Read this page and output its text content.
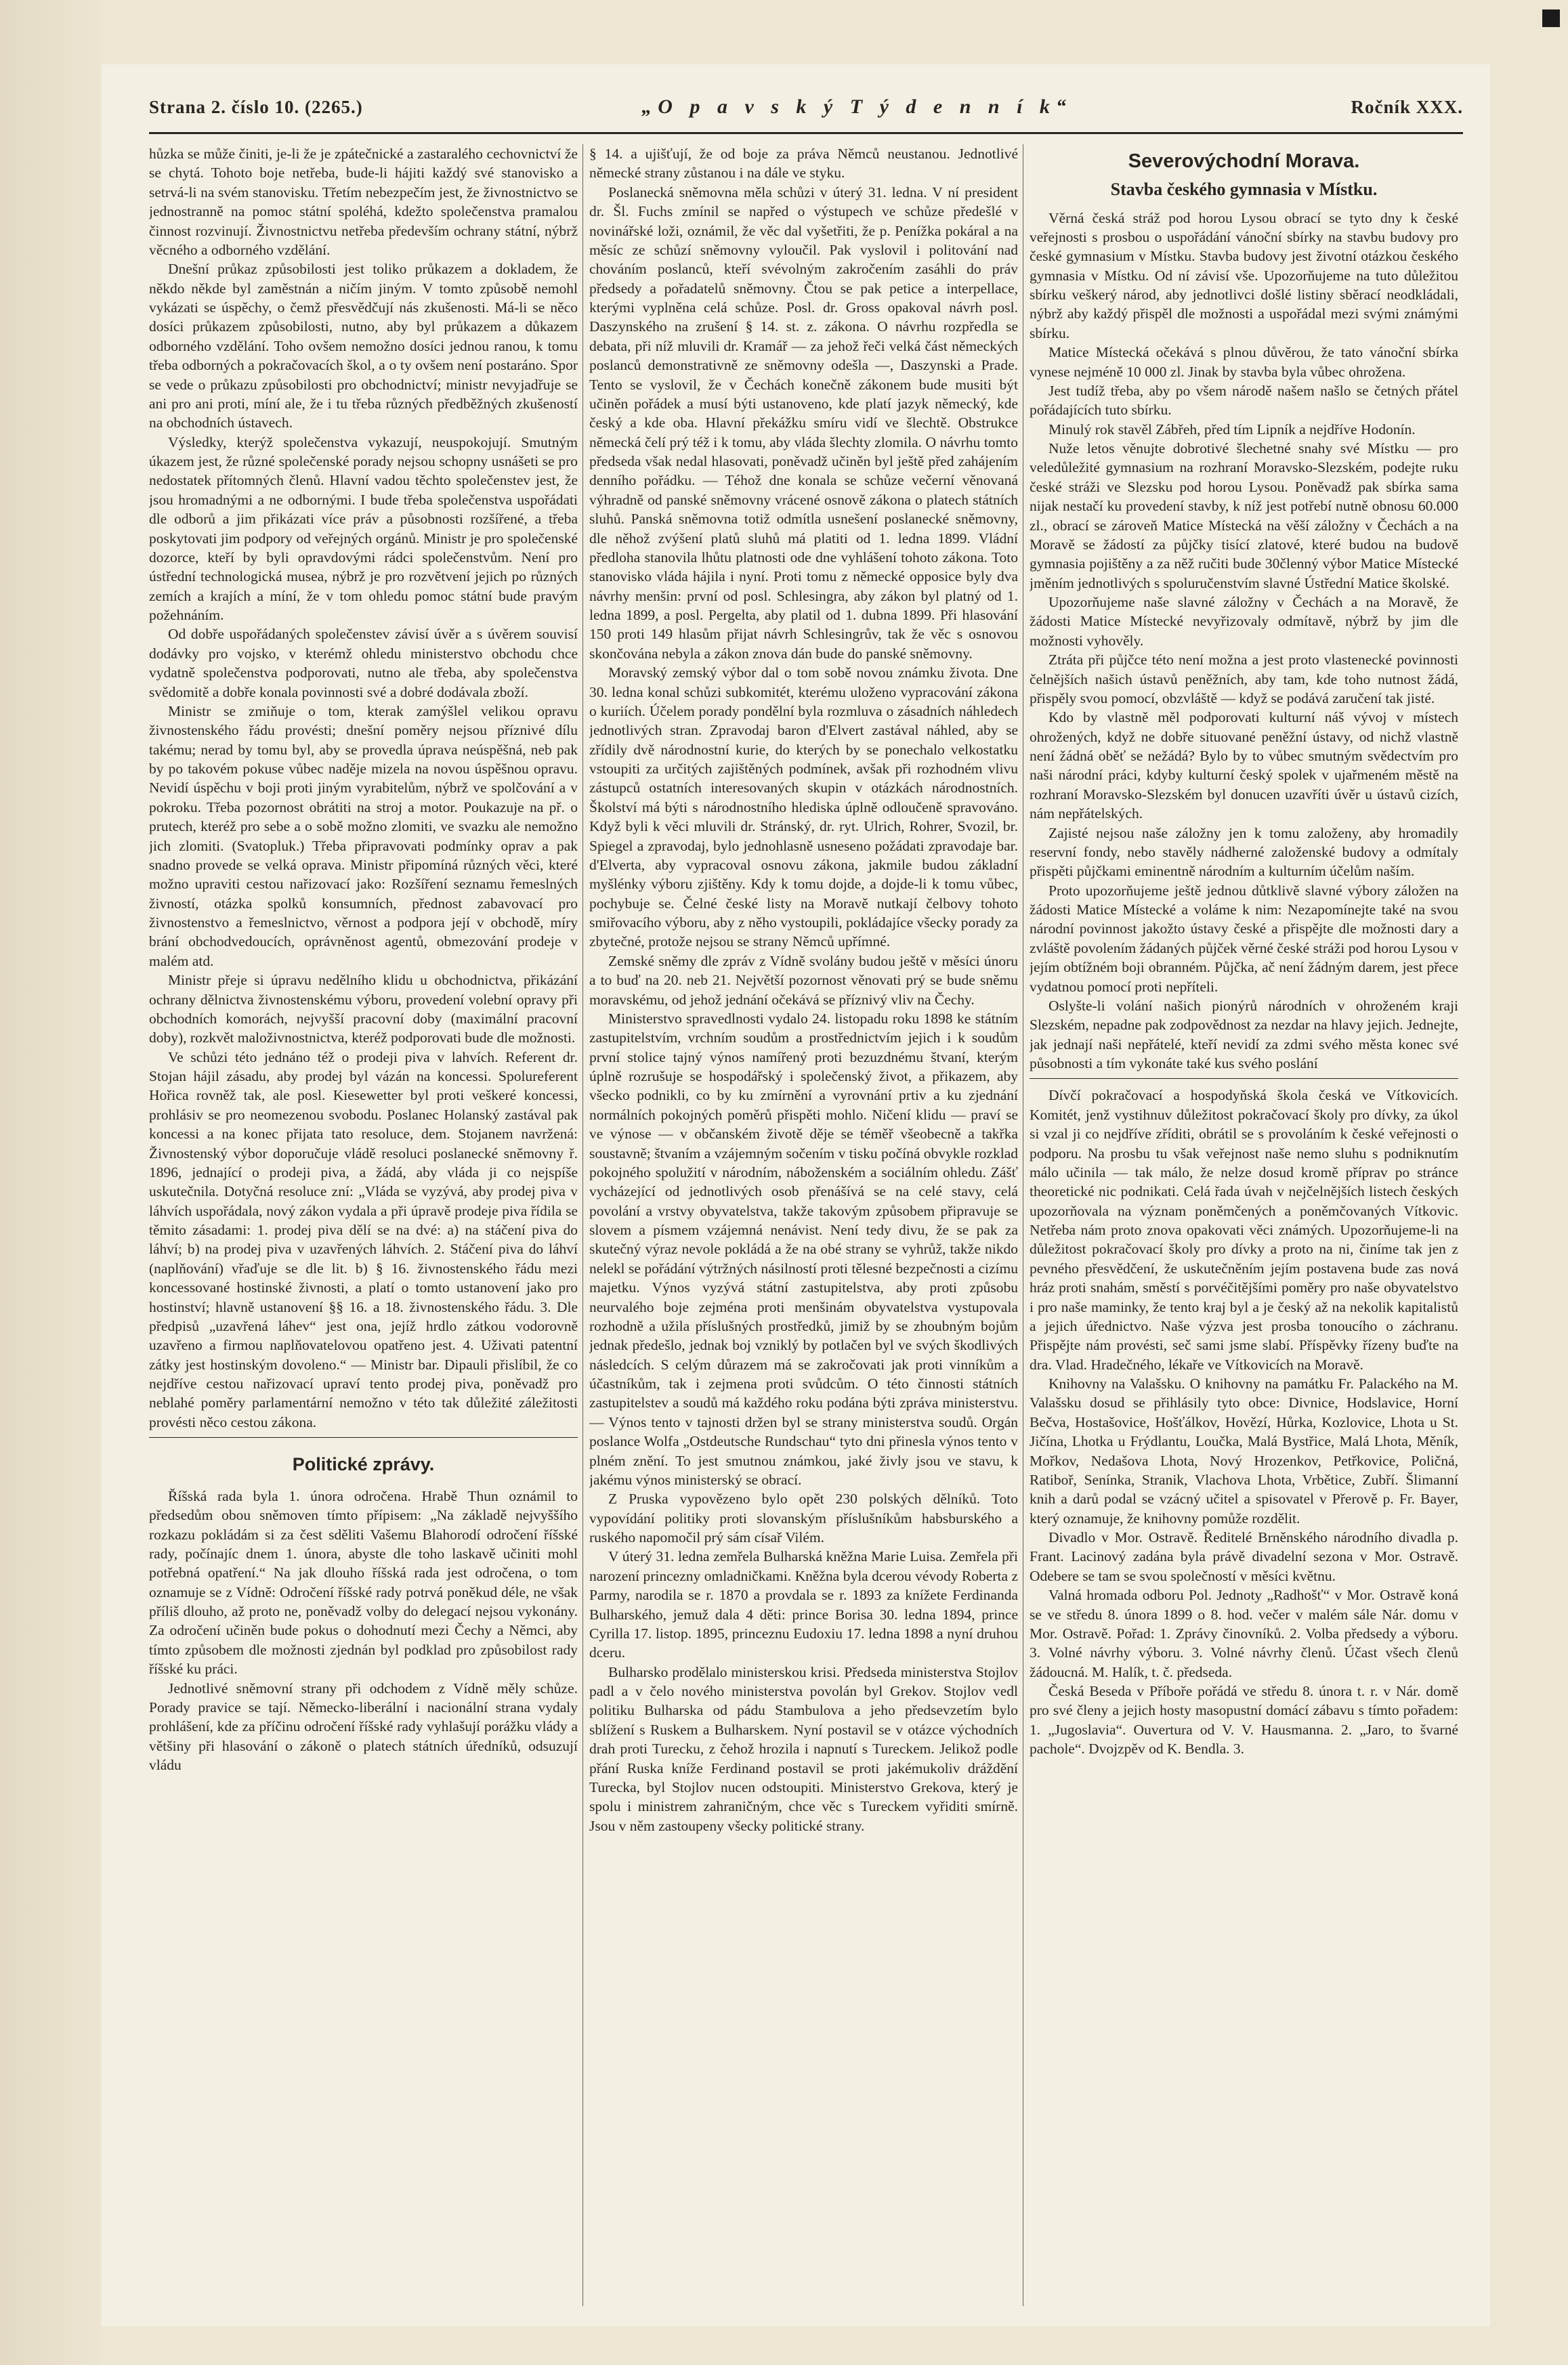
Strana 2. číslo 10. (2265.)	„O p a v s k ý T ý d e n n í k“	Ročník XXX.

hůzka se může činiti, je-li že je zpátečnické a zastaralého cechovnictví že se chytá. Tohoto boje netřeba, bude-li hájiti každý své stanovisko a setrvá-li na svém stanovisku. Třetím nebezpečím jest, že živnostnictvo se jednostranně na pomoc státní spoléhá, kdežto společenstva pramalou činnost rozvinují. Živnostnictvu netřeba především ochrany státní, nýbrž věcného a odborného vzdělání.

Dnešní průkaz způsobilosti jest toliko průkazem a dokladem, že někdo někde byl zaměstnán a ničím jiným. V tomto způsobě nemohl vykázati se úspěchy, o čemž přesvědčují nás zkušenosti. Má-li se něco dosíci průkazem způsobilosti, nutno, aby byl průkazem a důkazem odborného vzdělání. Toho ovšem nemožno dosíci jednou ranou, k tomu třeba odborných a pokračovacích škol, a o ty ovšem není postaráno. Spor se vede o průkazu způsobilosti pro obchodnictví; ministr nevyjadřuje se ani pro ani proti, míní ale, že i tu třeba různých předběžných zkušeností na obchodních ústavech.

Výsledky, kterýž společenstva vykazují, neuspokojují. Smutným úkazem jest, že různé společenské porady nejsou schopny usnášeti se pro nedostatek přítomných členů. Hlavní vadou těchto společenstev jest, že jsou hromadnými a ne odbornými. I bude třeba společenstva uspořádati dle odborů a jim přikázati více práv a působnosti rozšířené, a třeba poskytovati jim podpory od veřejných orgánů. Ministr je pro společenské dozorce, kteří by byli opravdovými rádci společenstvům. Není pro ústřední technologická musea, nýbrž je pro rozvětvení jejich po různých zemích a krajích a míní, že v tom ohledu pomoc státní bude pravým požehnáním.

Od dobře uspořádaných společenstev závisí úvěr a s úvěrem souvisí dodávky pro vojsko, v kterémž ohledu ministerstvo obchodu chce vydatně společenstva podporovati, nutno ale třeba, aby společenstva svědomitě a dobře konala povinnosti své a dobré dodávala zboží.

Ministr se zmiňuje o tom, kterak zamýšlel velikou opravu živnostenského řádu provésti; dnešní poměry nejsou příznivé dílu takému; nerad by tomu byl, aby se provedla úprava neúspěšná, neb pak by po takovém pokuse vůbec naděje mizela na novou úspěšnou opravu. Nevidí úspěchu v boji proti jiným vyrabitelům, nýbrž ve spolčování a v pokroku. Třeba pozornost obrátiti na stroj a motor. Poukazuje na př. o prutech, kteréž pro sebe a o sobě možno zlomiti, ve svazku ale nemožno jich zlomiti. (Svatopluk.) Třeba připravovati podmínky oprav a pak snadno provede se velká oprava. Ministr připomíná různých věci, které možno upraviti cestou nařizovací jako: Rozšíření seznamu řemeslných živností, otázka spolků konsumních, přednost zabavovací pro živnostenstvo a řemeslnictvo, věrnost a podpora její v obchodě, míry brání obchodvedoucích, oprávněnost agentů, obmezování prodeje v malém atd.

Ministr přeje si úpravu nedělního klidu u obchodnictva, přikázání ochrany dělnictva živnostenskému výboru, provedení volební opravy při obchodních komorách, nejvyšší pracovní doby (maximální pracovní doby), rozkvět maloživnostnictva, kteréž podporovati bude dle možnosti.

Ve schůzi této jednáno též o prodeji piva v lahvích. Referent dr. Stojan hájil zásadu, aby prodej byl vázán na koncessi. Spolureferent Hořica rovněž tak, ale posl. Kiesewetter byl proti veškeré koncessi, prohlásiv se pro neomezenou svobodu. Poslanec Holanský zastával pak koncessi a na konec přijata tato resoluce, dem. Stojanem navržená: Živnostenský výbor doporučuje vládě resoluci poslanecké sněmovny ř. 1896, jednající o prodeji piva, a žádá, aby vláda ji co nejspíše uskutečnila. Dotyčná resoluce zní: „Vláda se vyzývá, aby prodej piva v láhvích uspořádala, nový zákon vydala a při úpravě prodeje piva řídila se těmito zásadami: 1. prodej piva dělí se na dvé: a) na stáčení piva do láhví; b) na prodej piva v uzavřených láhvích. 2. Stáčení piva do láhví (naplňování) vřaďuje se dle lit. b) § 16. živnostenského řádu mezi koncessované hostinské živnosti, a platí o tomto ustanovení jako pro hostinství; hlavně ustanovení §§ 16. a 18. živnostenského řádu. 3. Dle předpisů „uzavřená láhev“ jest ona, jejíž hrdlo zátkou vodorovně uzavřeno a firmou naplňovatelovou opatřeno jest. 4. Uživati patentní zátky jest hostinským dovoleno.“ — Ministr bar. Dipauli přislíbil, že co nejdříve cestou nařizovací upraví tento prodej piva, poněvadž pro neblahé poměry parlamentární nemožno v této tak důležité záležitosti provésti něco cestou zákona.

Politické zprávy.

Říšská rada byla 1. února odročena. Hrabě Thun oznámil to předsedům obou sněmoven tímto přípisem: „Na základě nejvyššího rozkazu pokládám si za čest sděliti Vašemu Blahorodí odročení říšské rady, počínajíc dnem 1. února, abyste dle toho laskavě učiniti mohl potřebná opatření.“ Na jak dlouho říšská rada jest odročena, o tom oznamuje se z Vídně: Odročení říšské rady potrvá poněkud déle, ne však příliš dlouho, až proto ne, poněvadž volby do delegací nejsou vykonány. Za odročení učiněn bude pokus o dohodnutí mezi Čechy a Němci, aby tímto způsobem dle možnosti zjednán byl podklad pro způsobilost rady říšské ku práci.

Jednotlivé sněmovní strany při odchodem z Vídně měly schůze. Porady pravice se tají. Německo-liberální i nacionální strana vydaly prohlášení, kde za příčinu odročení říšské rady vyhlašují porážku vlády a většiny při hlasování o zákoně o platech státních úředníků, odsuzují vládu

§ 14. a ujišťují, že od boje za práva Němců neustanou. Jednotlivé německé strany zůstanou i na dále ve styku.

Poslanecká sněmovna měla schůzi v úterý 31. ledna. V ní president dr. Šl. Fuchs zmínil se napřed o výstupech ve schůze předešlé v novinářské loži, oznámil, že věc dal vyšetřiti, že p. Penížka pokáral a na měsíc ze schůzí sněmovny vyloučil. Pak vyslovil i politování nad chováním poslanců, kteří svévolným zakročením zasáhli do práv předsedy a pořadatelů sněmovny. Čtou se pak petice a interpellace, kterými vyplněna celá schůze. Posl. dr. Gross opakoval návrh posl. Daszynského na zrušení § 14. st. z. zákona. O návrhu rozpředla se debata, při níž mluvili dr. Kramář — za jehož řeči velká část německých poslanců demonstrativně ze sněmovny odešla —, Daszynski a Prade. Tento se vyslovil, že v Čechách konečně zákonem bude musiti být učiněn pořádek a musí býti ustanoveno, kde platí jazyk německý, kde český a kde oba. Hlavní překážku smíru vidí ve šlechtě. Obstrukce německá čelí prý též i k tomu, aby vláda šlechty zlomila. O návrhu tomto předseda však nedal hlasovati, poněvadž učiněn byl ještě před zahájením denního pořádku. — Téhož dne konala se schůze večerní věnovaná výhradně od panské sněmovny vrácené osnově zákona o platech státních sluhů. Panská sněmovna totiž odmítla usnešení poslanecké sněmovny, dle něhož zvýšení platů sluhů má platiti od 1. ledna 1899. Vládní předloha stanovila lhůtu platnosti ode dne vyhlášení tohoto zákona. Toto stanovisko vláda hájila i nyní. Proti tomu z německé opposice byly dva návrhy menšin: první od posl. Schlesingra, aby zákon byl platný od 1. ledna 1899, a posl. Pergelta, aby platil od 1. dubna 1899. Při hlasování 150 proti 149 hlasům přijat návrh Schlesingrův, tak že věc s osnovou skončována nebyla a zákon znova dán bude do panské sněmovny.

Moravský zemský výbor dal o tom sobě novou známku života. Dne 30. ledna konal schůzi subkomitét, kterému uloženo vypracování zákona o kuriích. Účelem porady pondělní byla rozmluva o zásadních náhledech jednotlivých stran. Zpravodaj baron d'Elvert zastával náhled, aby se zřídily dvě národnostní kurie, do kterých by se ponechalo velkostatku vstoupiti za určitých zajištěných podmínek, avšak při rozhodném vlivu zástupců ostatních interesovaných skupin v otázkách národnostních. Školství má býti s národnostního hlediska úplně odloučeně spravováno. Když byli k věci mluvili dr. Stránský, dr. ryt. Ulrich, Rohrer, Svozil, br. Spiegel a zpravodaj, bylo jednohlasně usneseno požádati zpravodaje bar. d'Elverta, aby vypracoval osnovu zákona, jakmile budou základní myšlénky výboru zjištěny. Kdy k tomu dojde, a dojde-li k tomu vůbec, pochybuje se. Čelné české listy na Moravě nutkají čelbovy tohoto smiřovacího výboru, aby z něho vystoupili, pokládajíce všecky porady za zbytečné, protože nejsou se strany Němců upřímné.

Zemské sněmy dle zpráv z Vídně svolány budou ještě v měsíci únoru a to buď na 20. neb 21. Největší pozornost věnovati prý se bude sněmu moravskému, od jehož jednání očekává se příznivý vliv na Čechy.

Ministerstvo spravedlnosti vydalo 24. listopadu roku 1898 ke státním zastupitelstvím, vrchním soudům a prostřednictvím jejich i k soudům první stolice tajný výnos namířený proti bezuzdnému štvaní, kterým úplně rozrušuje se hospodářský i společenský život, a přikazem, aby všecko podnikli, co by ku zmírnění a vyrovnání prtiv a ku zjednání normálních pokojných poměrů přispěti mohlo. Ničení klidu — praví se ve výnose — v občanském životě děje se téměř všeobecně a takřka soustavně; štvaním a vzájemným sočením v tisku počíná obvykle rozklad pokojného spolužití v národním, náboženském a sociálním ohledu. Zášť vycházející od jednotlivých osob přenášívá se na celé stavy, celá povolání a vrstvy obyvatelstva, takže takovým způsobem připravuje se slovem a písmem vzájemná nenávist. Není tedy divu, že se pak za skutečný výraz nevole pokládá a že na obé strany se vyhrůž, takže nikdo nelekl se pořádání výtržných násilností proti tělesné bezpečnosti a cizímu majetku. Výnos vyzývá státní zastupitelstva, aby proti způsobu neurvalého boje zejména proti menšinám obyvatelstva vystupovala rozhodně a užila příslušných prostředků, jimiž by se zhoubným bojům jednak předešlo, jednak boj vzniklý by potlačen byl ve svých škodlivých následcích. S celým důrazem má se zakročovati jak proti vinníkům a účastníkům, tak i zejmena proti svůdcům. O této činnosti státních zastupitelstev a soudů má každého roku podána býti zpráva ministerstvu. — Výnos tento v tajnosti držen byl se strany ministerstva soudů. Orgán poslance Wolfa „Ostdeutsche Rundschau“ tyto dni přinesla výnos tento v plném znění. To jest smutnou známkou, jaké živly jsou ve stavu, k jakému výnos ministerský se obrací.

Z Pruska vypovězeno bylo opět 230 polských dělníků. Toto vypovídání politiky proti slovanským příslušníkům habsburského a ruského napomočil prý sám císař Vilém.

V úterý 31. ledna zemřela Bulharská kněžna Marie Luisa. Zemřela při narození princezny omladničkami. Kněžna byla dcerou vévody Roberta z Parmy, narodila se r. 1870 a provdala se r. 1893 za knížete Ferdinanda Bulharského, jemuž dala 4 děti: prince Borisa 30. ledna 1894, prince Cyrilla 17. listop. 1895, princeznu Eudoxiu 17. ledna 1898 a nyní druhou dceru.

Bulharsko prodělalo ministerskou krisi. Předseda ministerstva Stojlov padl a v čelo nového ministerstva povolán byl Grekov. Stojlov vedl politiku Bulharska od pádu Stambulova a jeho předsevzetím bylo sblížení s Ruskem a Bulharskem. Nyní postavil se v otázce východních drah proti Turecku, z čehož hrozila i napnutí s Tureckem. Jelikož podle přání Ruska kníže Ferdinand postavil se proti jakémukoliv dráždění Turecka, byl Stojlov nucen odstoupiti. Ministerstvo Grekova, který je spolu i ministrem zahraničným, chce věc s Tureckem vyřiditi smírně. Jsou v něm zastoupeny všecky politické strany.

Severovýchodní Morava.
Stavba českého gymnasia v Místku.

Věrná česká stráž pod horou Lysou obrací se tyto dny k české veřejnosti s prosbou o uspořádání vánoční sbírky na stavbu budovy pro české gymnasium v Místku. Stavba budovy jest životní otázkou českého gymnasia v Místku. Od ní závisí vše. Upozorňujeme na tuto důležitou sbírku veškerý národ, aby jednotlivci došlé listiny sběrací neodkládali, nýbrž aby každý přispěl dle možnosti a uspořádal mezi svými známými sbírku.

Matice Místecká očekává s plnou důvěrou, že tato vánoční sbírka vynese nejméně 10 000 zl. Jinak by stavba byla vůbec ohrožena.

Jest tudíž třeba, aby po všem národě našem našlo se četných přátel pořádajících tuto sbírku.

Minulý rok stavěl Zábřeh, před tím Lipník a nejdříve Hodonín.

Nuže letos věnujte dobrotivé šlechetné snahy své Místku — pro veledůležité gymnasium na rozhraní Moravsko-Slezském, podejte ruku české stráži ve Slezsku pod horou Lysou. Poněvadž pak sbírka sama nijak nestačí ku provedení stavby, k níž jest potřebí nutně obnosu 60.000 zl., obrací se zároveň Matice Místecká na věší záložny v Čechách a na Moravě se žádostí za půjčky tisící zlatové, které budou na budově gymnasia pojištěny a za něž ručiti bude 30členný výbor Matice Místecké jměním jednotlivých s spoluručenstvím slavné Ústřední Matice školské.

Upozorňujeme naše slavné záložny v Čechách a na Moravě, že žádosti Matice Místecké nevyřizovaly odmítavě, nýbrž by jim dle možnosti vyhověly.

Ztráta při půjčce této není možna a jest proto vlastenecké povinnosti čelnějších našich ústavů peněžních, aby tam, kde toho nutnost žádá, přispěly svou pomocí, obzvláště — když se podává zaručení tak jisté.

Kdo by vlastně měl podporovati kulturní náš vývoj v místech ohrožených, když ne dobře situované peněžní ústavy, od nichž vlastně není žádná oběť se nežádá? Bylo by to vůbec smutným svědectvím pro naši národní práci, kdyby kulturní český spolek v ujařmeném městě na rozhraní Moravsko-Slezském byl donucen uzavříti úvěr u ústavů cizích, nám nepřátelských.

Zajisté nejsou naše záložny jen k tomu založeny, aby hromadily reservní fondy, nebo stavěly nádherné založenské budovy a odmítaly přispěti půjčkami eminentně národním a kulturním účelům naším.

Proto upozorňujeme ještě jednou důtklivě slavné výbory záložen na žádosti Matice Místecké a voláme k nim: Nezapomínejte také na svou národní povinnost jakožto ústavy české a přispějte dle možnosti dary a zvláště povolením žádaných půjček věrné české stráži pod horou Lysou v jejím obtížném boji obranném. Půjčka, ač není žádným darem, jest přece vydatnou pomocí proti nepříteli.

Oslyšte-li volání našich pionýrů národních v ohroženém kraji Slezském, nepadne pak zodpovědnost za nezdar na hlavy jejich. Jednejte, jak jednají naši nepřátelé, kteří nevidí za zdmi svého města konec své působnosti a tím vykonáte také kus svého poslání

Dívčí pokračovací a hospodyňská škola česká ve Vítkovicích. Komitét, jenž vystihnuv důležitost pokračovací školy pro dívky, za úkol si vzal ji co nejdříve zříditi, obrátil se s provoláním k české veřejnosti o podporu. Na prosbu tu však veřejnost naše nemo sluhu s podniknutím málo učinila — tak málo, že nelze dosud kromě příprav po stránce theoretické nic podnikati. Celá řada úvah v nejčelnějších listech českých upozorňovala na význam poněmčených a poněmčovaných Vítkovic. Netřeba nám proto znova opakovati věci známých. Upozorňujeme-li na důležitost pokračovací školy pro dívky a proto na ni, činíme tak jen z pevného přesvědčení, že uskutečněním jejím postavena bude zas nová hráz proti snahám, směstí s porvéčitějšími poměry pro naše obyvatelstvo i pro naše maminky, že tento kraj byl a je český až na nekolik kapitalistů a jejich úřednictvo. Naše výzva jest prosba tonoucího o záchranu. Přispějte nám provésti, seč sami jsme slabí. Příspěvky řízeny buďte na dra. Vlad. Hradečného, lékaře ve Vítkovicích na Moravě.

Knihovny na Valašsku. O knihovny na památku Fr. Palackého na M. Valašsku dosud se přihlásily tyto obce: Divnice, Hodslavice, Horní Bečva, Hostašovice, Hošťálkov, Hovězí, Hůrka, Kozlovice, Lhota u St. Jičína, Lhotka u Frýdlantu, Loučka, Malá Bystřice, Malá Lhota, Měník, Mořkov, Nedašova Lhota, Nový Hrozenkov, Petřkovice, Poličná, Ratiboř, Senínka, Stranik, Vlachova Lhota, Vrbětice, Zubří. Šlimanní knih a darů podal se vzácný učitel a spisovatel v Přerově p. Fr. Bayer, který oznamuje, že knihovny pomůže rozdělit.

Divadlo v Mor. Ostravě. Ředitelé Brněnského národního divadla p. Frant. Lacinový zadána byla právě divadelní sezona v Mor. Ostravě. Odebere se tam se svou společností v měsíci květnu.

Valná hromada odboru Pol. Jednoty „Radhošť“ v Mor. Ostravě koná se ve středu 8. února 1899 o 8. hod. večer v malém sále Nár. domu v Mor. Ostravě. Pořad: 1. Zprávy činovníků. 2. Volba předsedy a výboru. 3. Volné návrhy výboru. 3. Volné návrhy členů. Účast všech členů žádoucná. M. Halík, t. č. předseda.

Česká Beseda v Příboře pořádá ve středu 8. února t. r. v Nár. domě pro své členy a jejich hosty masopustní domácí zábavu s tímto pořadem: 1. „Jugoslavia“. Ouvertura od V. V. Hausmanna. 2. „Jaro, to švarné pachole“. Dvojzpěv od K. Bendla. 3.
